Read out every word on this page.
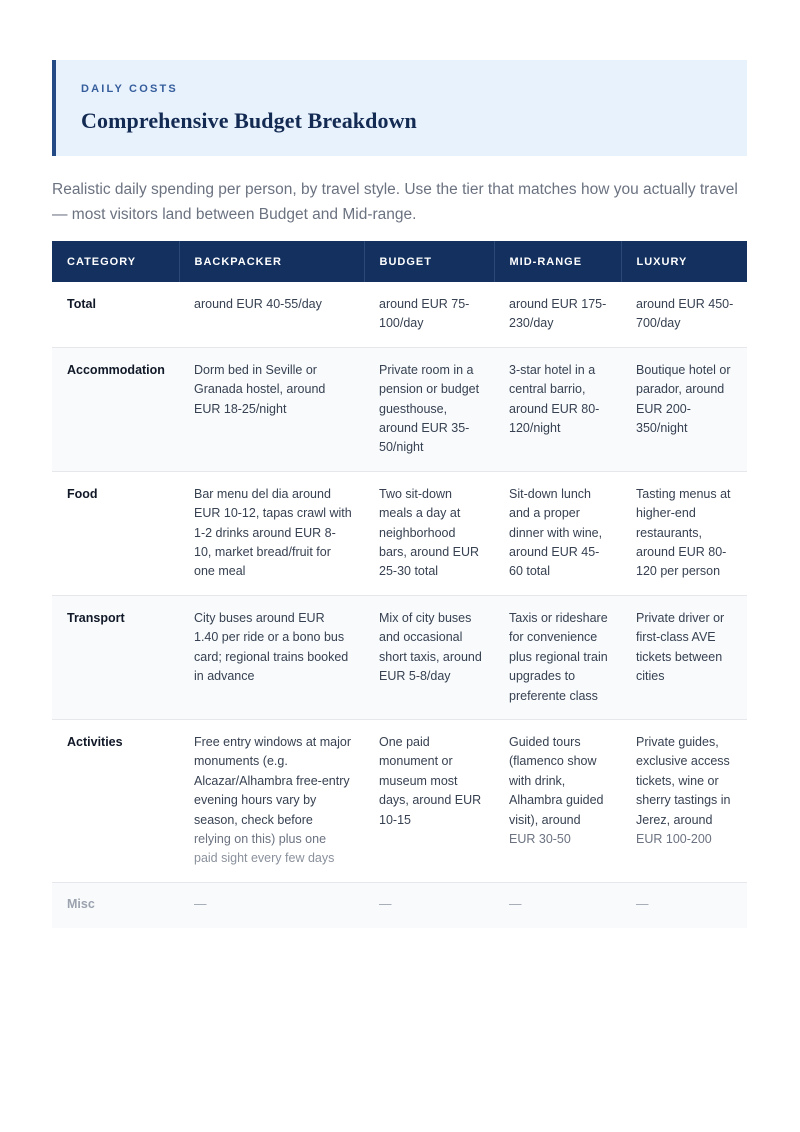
DAILY COSTS
Comprehensive Budget Breakdown
Realistic daily spending per person, by travel style. Use the tier that matches how you actually travel — most visitors land between Budget and Mid-range.
CATEGORY	BACKPACKER	BUDGET	MID-RANGE	LUXURY
Total	around EUR 40-55/day	around EUR 75-100/day	around EUR 175-230/day	around EUR 450-700/day
Accommodation	Dorm bed in Seville or Granada hostel, around EUR 18-25/night	Private room in a pension or budget guesthouse, around EUR 35-50/night	3-star hotel in a central barrio, around EUR 80-120/night	Boutique hotel or parador, around EUR 200-350/night
Food	Bar menu del dia around EUR 10-12, tapas crawl with 1-2 drinks around EUR 8-10, market bread/fruit for one meal	Two sit-down meals a day at neighborhood bars, around EUR 25-30 total	Sit-down lunch and a proper dinner with wine, around EUR 45-60 total	Tasting menus at higher-end restaurants, around EUR 80-120 per person
Transport	City buses around EUR 1.40 per ride or a bono bus card; regional trains booked in advance	Mix of city buses and occasional short taxis, around EUR 5-8/day	Taxis or rideshare for convenience plus regional train upgrades to preferente class	Private driver or first-class AVE tickets between cities
Activities	Free entry windows at major monuments (e.g. Alcazar/Alhambra free-entry evening hours vary by season, check before relying on this) plus one paid sight every few days	One paid monument or museum most days, around EUR 10-15	Guided tours (flamenco show with drink, Alhambra guided visit), around EUR 30-50	Private guides, exclusive access tickets, wine or sherry tastings in Jerez, around EUR 100-200
Misc	—	—	—	—
